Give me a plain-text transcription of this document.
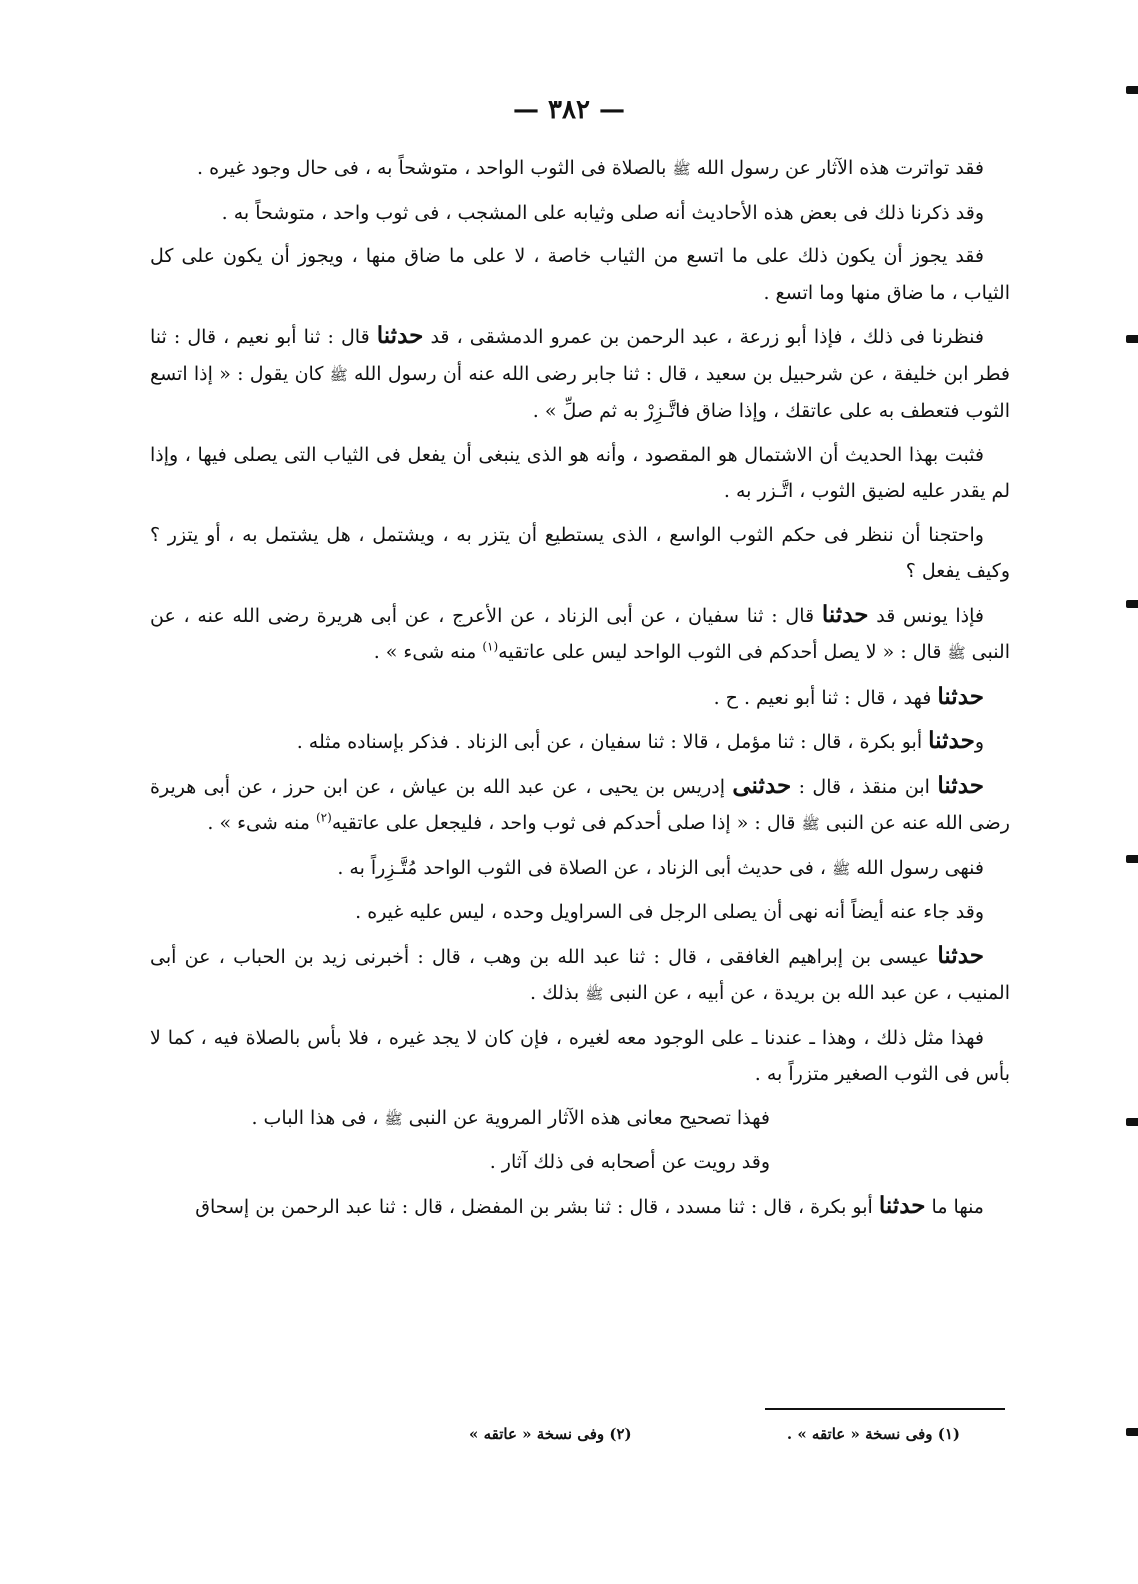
— ٣٨٢ —

فقد تواترت هذه الآثار عن رسول الله ﷺ بالصلاة فى الثوب الواحد ، متوشحاً به ، فى حال وجود غيره .

وقد ذكرنا ذلك فى بعض هذه الأحاديث أنه صلى وثيابه على المشجب ، فى ثوب واحد ، متوشحاً به .

فقد يجوز أن يكون ذلك على ما اتسع من الثياب خاصة ، لا على ما ضاق منها ، ويجوز أن يكون على كل الثياب ، ما ضاق منها وما اتسع .

فنظرنا فى ذلك ، فإذا أبو زرعة ، عبد الرحمن بن عمرو الدمشقى ، قد حدثنا قال : ثنا أبو نعيم ، قال : ثنا فطر ابن خليفة ، عن شرحبيل بن سعيد ، قال : ثنا جابر رضى الله عنه أن رسول الله ﷺ كان يقول : « إذا اتسع الثوب فتعطف به على عاتقك ، وإذا ضاق فاتَّـزِرْ به ثم صلِّ » .

فثبت بهذا الحديث أن الاشتمال هو المقصود ، وأنه هو الذى ينبغى أن يفعل فى الثياب التى يصلى فيها ، وإذا لم يقدر عليه لضيق الثوب ، اتَّـزر به .

واحتجنا أن ننظر فى حكم الثوب الواسع ، الذى يستطيع أن يتزر به ، ويشتمل ، هل يشتمل به ، أو يتزر ؟ وكيف يفعل ؟

فإذا يونس قد حدثنا قال : ثنا سفيان ، عن أبى الزناد ، عن الأعرج ، عن أبى هريرة رضى الله عنه ، عن النبى ﷺ قال : « لا يصل أحدكم فى الثوب الواحد ليس على عاتقيه$^{(١)}$ منه شىء » .

حدثنا فهد ، قال : ثنا أبو نعيم . ح .

وحدثنا أبو بكرة ، قال : ثنا مؤمل ، قالا : ثنا سفيان ، عن أبى الزناد . فذكر بإسناده مثله .

حدثنا ابن منقذ ، قال : حدثنى إدريس بن يحيى ، عن عبد الله بن عياش ، عن ابن حرز ، عن أبى هريرة رضى الله عنه عن النبى ﷺ قال : « إذا صلى أحدكم فى ثوب واحد ، فليجعل على عاتقيه$^{(٢)}$ منه شىء » .

فنهى رسول الله ﷺ ، فى حديث أبى الزناد ، عن الصلاة فى الثوب الواحد مُتَّـزِراً به .

وقد جاء عنه أيضاً أنه نهى أن يصلى الرجل فى السراويل وحده ، ليس عليه غيره .

حدثنا عيسى بن إبراهيم الغافقى ، قال : ثنا عبد الله بن وهب ، قال : أخبرنى زيد بن الحباب ، عن أبى المنيب ، عن عبد الله بن بريدة ، عن أبيه ، عن النبى ﷺ بذلك .

فهذا مثل ذلك ، وهذا ـ عندنا ـ على الوجود معه لغيره ، فإن كان لا يجد غيره ، فلا بأس بالصلاة فيه ، كما لا بأس فى الثوب الصغير متزراً به .

فهذا تصحيح معانى هذه الآثار المروية عن النبى ﷺ ، فى هذا الباب .

وقد رويت عن أصحابه فى ذلك آثار .

منها ما حدثنا أبو بكرة ، قال : ثنا مسدد ، قال : ثنا بشر بن المفضل ، قال : ثنا عبد الرحمن بن إسحاق

(١) وفى نسخة « عاتقه » . (٢) وفى نسخة « عاتقه »
